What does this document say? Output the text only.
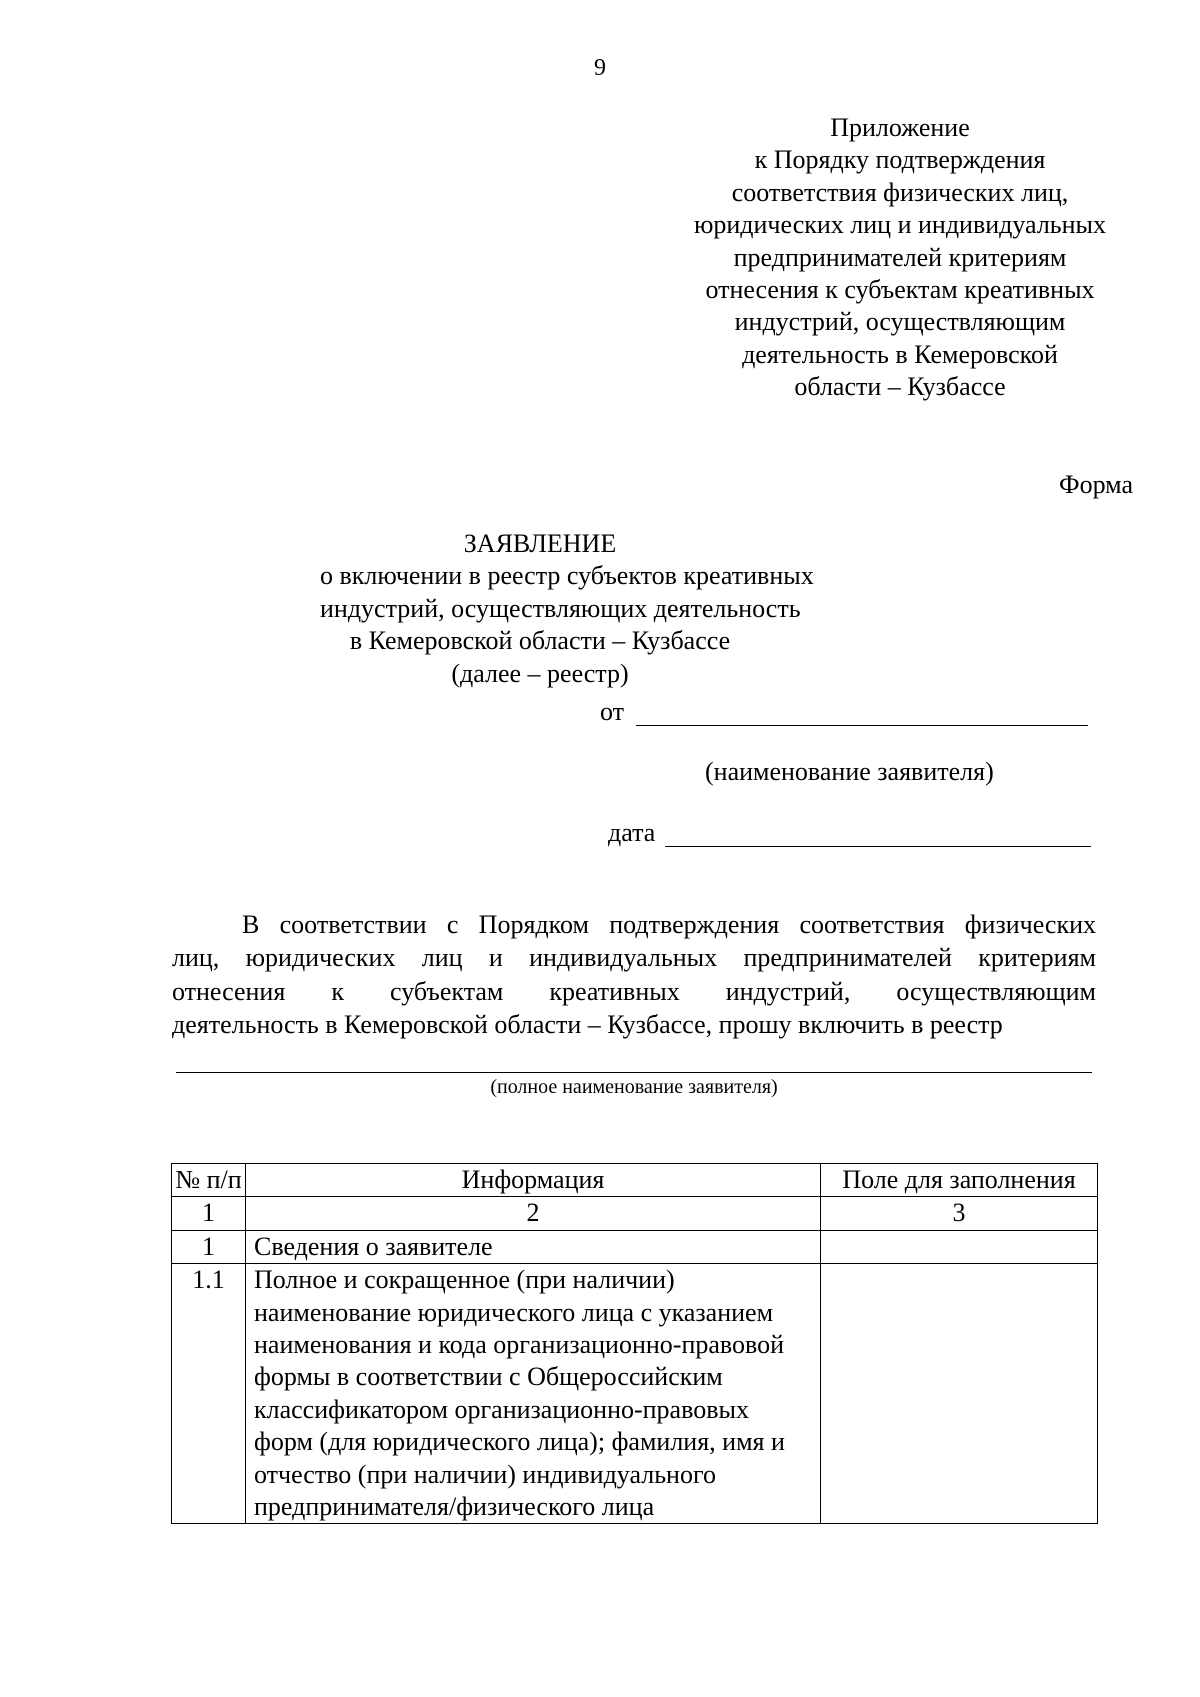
9
Приложение
к Порядку подтверждения
соответствия физических лиц,
юридических лиц и индивидуальных
предпринимателей критериям
отнесения к субъектам креативных
индустрий, осуществляющим
деятельность в Кемеровской
области – Кузбассе
Форма
ЗАЯВЛЕНИЕ
о включении в реестр субъектов креативных
индустрий, осуществляющих деятельность
в Кемеровской области – Кузбассе
(далее – реестр)
от
(наименование заявителя)
дата
В соответствии с Порядком подтверждения соответствия физических
лиц, юридических лиц и индивидуальных предпринимателей критериям
отнесения к субъектам креативных индустрий, осуществляющим
деятельность в Кемеровской области – Кузбассе, прошу включить в реестр
(полное наименование заявителя)
№ п/п	Информация	Поле для заполнения
1	2	3
1	Сведения о заявителе	
1.1	Полное и сокращенное (при наличии) наименование юридического лица с указанием наименования и кода организационно-правовой формы в соответствии с Общероссийским классификатором организационно-правовых форм (для юридического лица); фамилия, имя и отчество (при наличии) индивидуального предпринимателя/физического лица	
